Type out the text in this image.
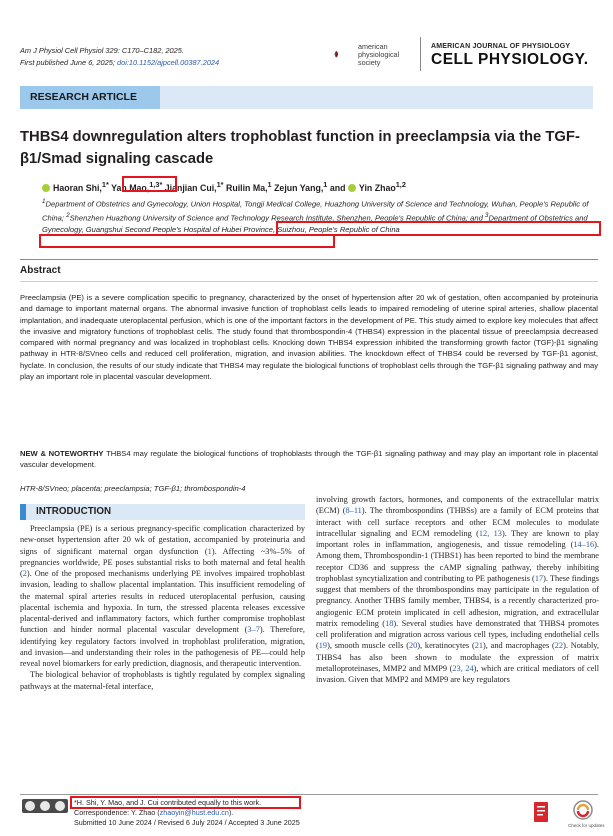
Am J Physiol Cell Physiol 329: C170–C182, 2025.
First published June 6, 2025; doi:10.1152/ajpcell.00387.2024
american
physiological
society
AMERICAN JOURNAL OF PHYSIOLOGY
CELL PHYSIOLOGY.
RESEARCH ARTICLE
THBS4 downregulation alters trophoblast function in preeclampsia via the TGF-β1/Smad signaling cascade
Haoran Shi,$^{1*}$ Yan Mao,$^{1,3*}$ Jianjian Cui,$^{1*}$ Ruilin Ma,$^1$ Zejun Yang,$^1$ and Yin Zhao$^{1,2}$
$^1$Department of Obstetrics and Gynecology, Union Hospital, Tongji Medical College, Huazhong University of Science and Technology, Wuhan, People's Republic of China; $^2$Shenzhen Huazhong University of Science and Technology Research Institute, Shenzhen, People's Republic of China; and $^3$Department of Obstetrics and Gynecology, Guangshui Second People's Hospital of Hubei Province, Suizhou, People's Republic of China
Abstract
Preeclampsia (PE) is a severe complication specific to pregnancy, characterized by the onset of hypertension after 20 wk of gestation, often accompanied by proteinuria and damage to important maternal organs. The abnormal invasive function of trophoblast cells leads to impaired remodeling of uterine spiral arteries, shallow placental implantation, and inadequate uteroplacental perfusion, which is one of the important factors in the development of PE. This study aimed to explore key molecules that affect the invasive and migratory functions of trophoblast cells. The study found that thrombospondin-4 (THBS4) expression in the placental tissue of preeclampsia decreased compared with normal pregnancy and was localized in trophoblast cells. Knocking down THBS4 expression inhibited the transforming growth factor (TGF)-β1 signaling pathway in HTR-8/SVneo cells and reduced cell proliferation, migration, and invasion abilities. The knockdown effect of THBS4 could be reversed by TGF-β1 agonist, hyclate. In conclusion, the results of our study indicate that THBS4 may regulate the biological functions of trophoblast cells through the TGF-β1 signaling pathway and may play an important role in placental vascular development.
NEW & NOTEWORTHY THBS4 may regulate the biological functions of trophoblasts through the TGF-β1 signaling pathway and may play an important role in placental vascular development.
HTR-8/SVneo; placenta; preeclampsia; TGF-β1; thrombospondin-4
INTRODUCTION

Preeclampsia (PE) is a serious pregnancy-specific complication characterized by new-onset hypertension after 20 wk of gestation, accompanied by proteinuria and signs of significant maternal organ dysfunction (1). Affecting ~3%–5% of pregnancies worldwide, PE poses substantial risks to both maternal and fetal health (2). One of the proposed mechanisms underlying PE involves impaired trophoblast invasion, leading to shallow placental implantation. This insufficient remodeling of the maternal spiral arteries results in reduced uteroplacental perfusion, causing placental ischemia and hypoxia. In turn, the stressed placenta releases excessive placental-derived and inflammatory factors, which further compromise trophoblast function and hinder normal placental vascular development (3–7). Therefore, identifying key regulatory factors involved in trophoblast proliferation, migration, and invasion—and understanding their roles in the pathogenesis of PE—could help reveal novel biomarkers for early prediction, diagnosis, and therapeutic intervention.

The biological behavior of trophoblasts is tightly regulated by complex signaling pathways at the maternal-fetal interface,

involving growth factors, hormones, and components of the extracellular matrix (ECM) (8–11). The thrombospondins (THBSs) are a family of ECM proteins that interact with cell surface receptors and other ECM molecules to modulate intracellular signaling and ECM remodeling (12, 13). They are known to play important roles in inflammation, angiogenesis, and tissue remodeling (14–16). Among them, Thrombospondin-1 (THBS1) has been reported to bind the membrane receptor CD36 and suppress the cAMP signaling pathway, thereby inhibiting trophoblast syncytialization and contributing to PE pathogenesis (17). These findings suggest that members of the thrombospondins may participate in the regulation of pregnancy. Another THBS family member, THBS4, is a recently characterized pro-angiogenic ECM protein implicated in cell adhesion, migration, and extracellular matrix remodeling (18). Several studies have demonstrated that THBS4 promotes cell proliferation and migration across various cell types, including endothelial cells (19), smooth muscle cells (20), keratinocytes (21), and macrophages (22). Notably, THBS4 has also been shown to modulate the expression of matrix metalloproteinases, MMP2 and MMP9 (23, 24), which are critical mediators of cell invasion. Given that MMP2 and MMP9 are key regulators

*H. Shi, Y. Mao, and J. Cui contributed equally to this work.
Correspondence: Y. Zhao (zhaoyin@hust.edu.cn).
Submitted 10 June 2024 / Revised 6 July 2024 / Accepted 3 June 2025	Check for updates
